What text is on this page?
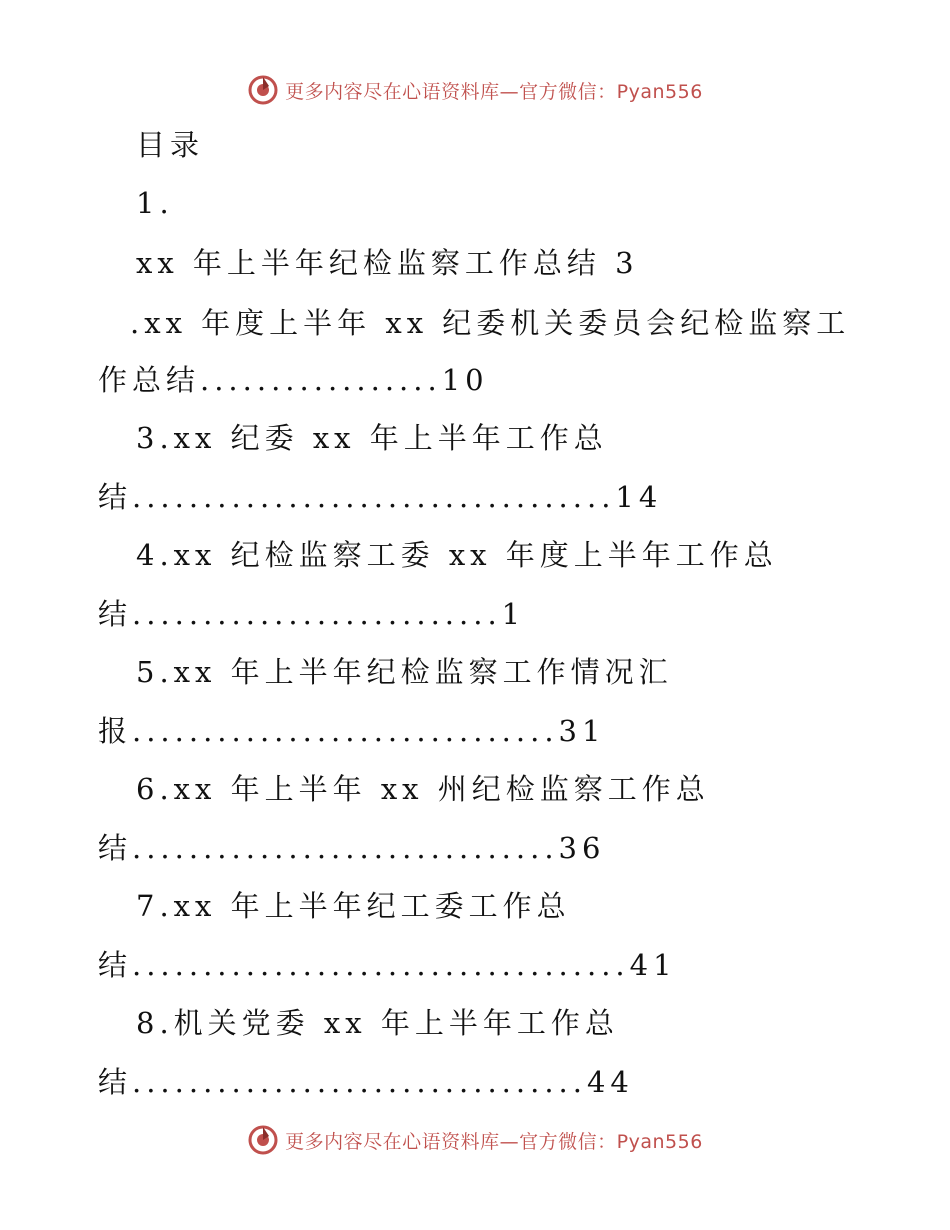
更多内容尽在心语资料库—官方微信：Pyan556
目录
1.
xx 年上半年纪检监察工作总结 3
.xx 年度上半年 xx 纪委机关委员会纪检监察工
作总结.................10
3.xx 纪委 xx 年上半年工作总
结..................................14
4.xx 纪检监察工委 xx 年度上半年工作总
结..........................1
5.xx 年上半年纪检监察工作情况汇
报..............................31
6.xx 年上半年 xx 州纪检监察工作总
结..............................36
7.xx 年上半年纪工委工作总
结...................................41
8.机关党委 xx 年上半年工作总
结................................44
更多内容尽在心语资料库—官方微信：Pyan556
